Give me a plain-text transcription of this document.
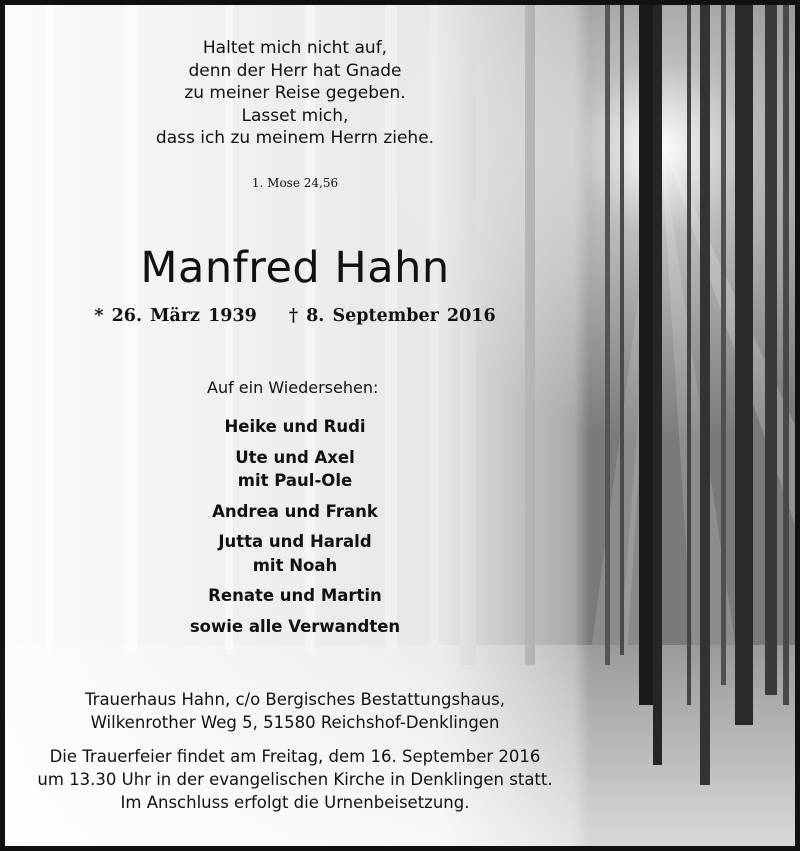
Haltet mich nicht auf,
denn der Herr hat Gnade
zu meiner Reise gegeben.
Lasset mich,
dass ich zu meinem Herrn ziehe.
1. Mose 24,56
Manfred Hahn
* 26. März 1939 † 8. September 2016
Auf ein Wiedersehen:
Heike und Rudi
Ute und Axel
mit Paul-Ole
Andrea und Frank
Jutta und Harald
mit Noah
Renate und Martin
sowie alle Verwandten
Trauerhaus Hahn, c/o Bergisches Bestattungshaus,
Wilkenrother Weg 5, 51580 Reichshof-Denklingen
Die Trauerfeier findet am Freitag, dem 16. September 2016
um 13.30 Uhr in der evangelischen Kirche in Denklingen statt.
Im Anschluss erfolgt die Urnenbeisetzung.
